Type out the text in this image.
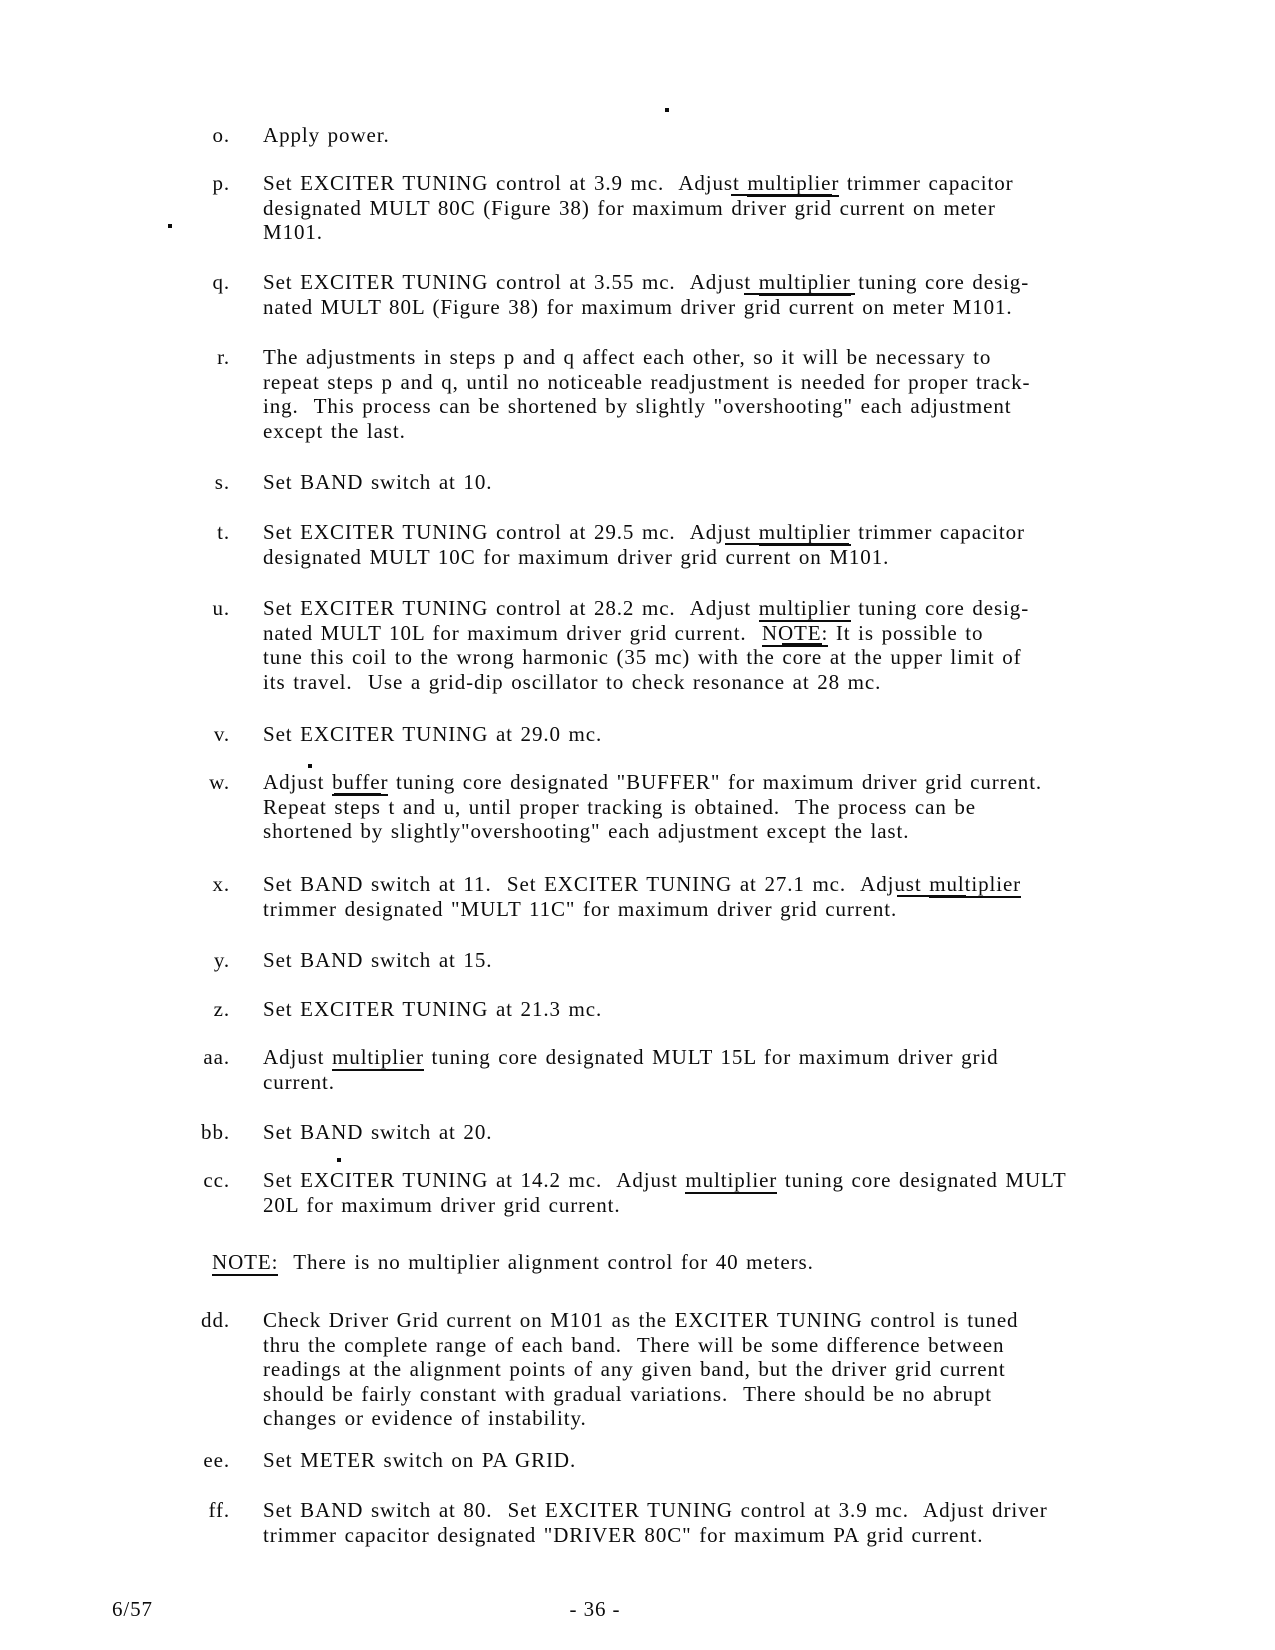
o. Apply power.
p. Set EXCITER TUNING control at 3.9 mc.  Adjust multiplier trimmer capacitor
designated MULT 80C (Figure 38) for maximum driver grid current on meter
M101.
q. Set EXCITER TUNING control at 3.55 mc.  Adjust multiplier tuning core desig-
nated MULT 80L (Figure 38) for maximum driver grid current on meter M101.
r. The adjustments in steps p and q affect each other, so it will be necessary to
repeat steps p and q, until no noticeable readjustment is needed for proper track-
ing.  This process can be shortened by slightly "overshooting" each adjustment
except the last.
s. Set BAND switch at 10.
t. Set EXCITER TUNING control at 29.5 mc.  Adjust multiplier trimmer capacitor
designated MULT 10C for maximum driver grid current on M101.
u. Set EXCITER TUNING control at 28.2 mc.  Adjust multiplier tuning core desig-
nated MULT 10L for maximum driver grid current.  NOTE: It is possible to
tune this coil to the wrong harmonic (35 mc) with the core at the upper limit of
its travel.  Use a grid-dip oscillator to check resonance at 28 mc.
v. Set EXCITER TUNING at 29.0 mc.
w. Adjust buffer tuning core designated "BUFFER" for maximum driver grid current.
Repeat steps t and u, until proper tracking is obtained.  The process can be
shortened by slightly"overshooting" each adjustment except the last.
x. Set BAND switch at 11.  Set EXCITER TUNING at 27.1 mc.  Adjust multiplier
trimmer designated "MULT 11C" for maximum driver grid current.
y. Set BAND switch at 15.
z. Set EXCITER TUNING at 21.3 mc.
aa. Adjust multiplier tuning core designated MULT 15L for maximum driver grid
current.
bb. Set BAND switch at 20.
cc. Set EXCITER TUNING at 14.2 mc.  Adjust multiplier tuning core designated MULT
20L for maximum driver grid current.
NOTE:  There is no multiplier alignment control for 40 meters.
dd. Check Driver Grid current on M101 as the EXCITER TUNING control is tuned
thru the complete range of each band.  There will be some difference between
readings at the alignment points of any given band, but the driver grid current
should be fairly constant with gradual variations.  There should be no abrupt
changes or evidence of instability.
ee. Set METER switch on PA GRID.
ff. Set BAND switch at 80.  Set EXCITER TUNING control at 3.9 mc.  Adjust driver
trimmer capacitor designated "DRIVER 80C" for maximum PA grid current.
6/57	- 36 -
